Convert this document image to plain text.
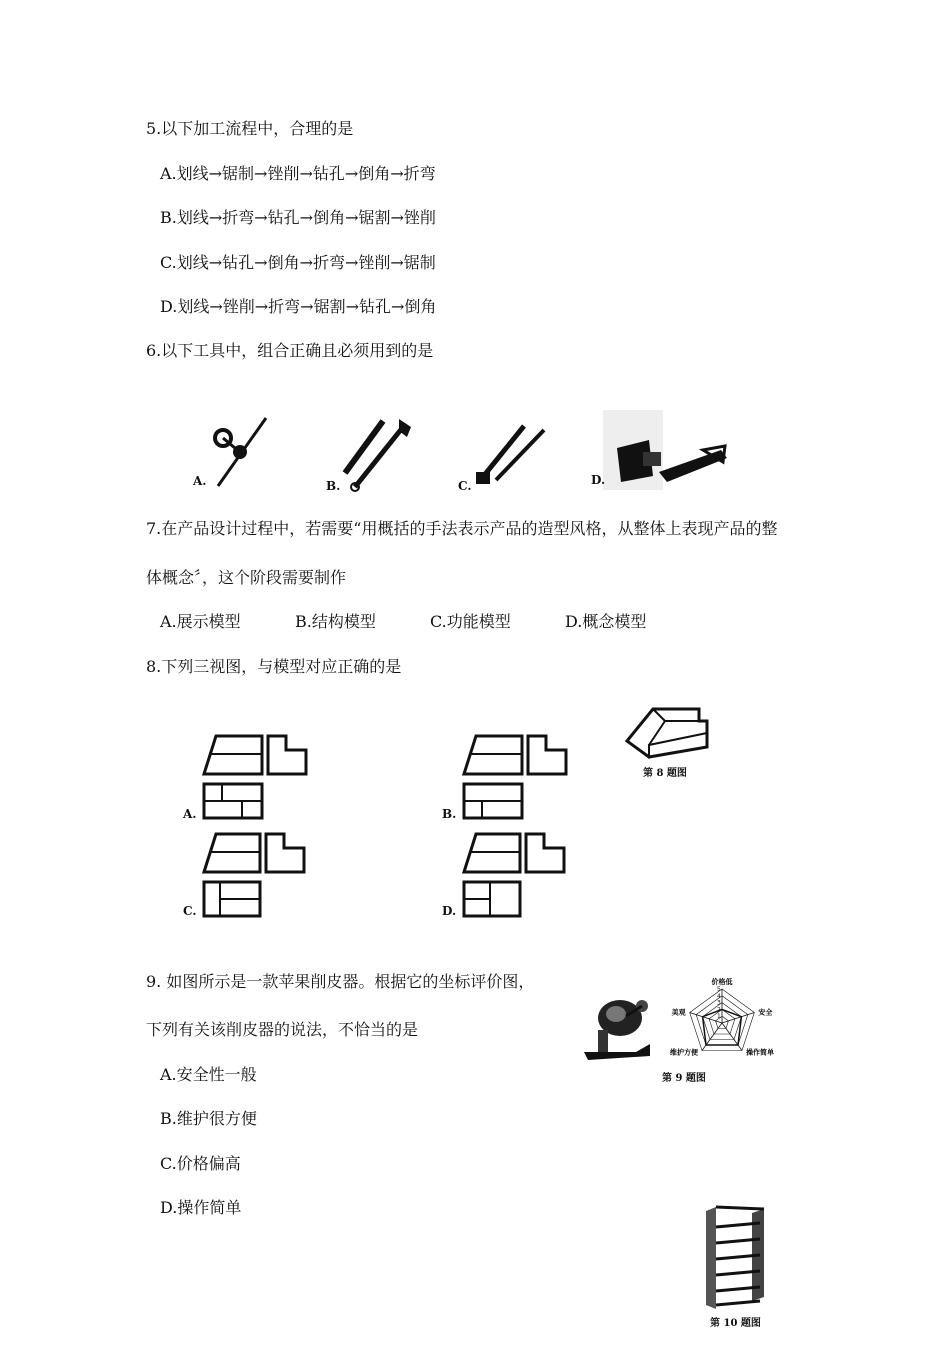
5.以下加工流程中，合理的是
A.划线→锯制→锉削→钻孔→倒角→折弯
B.划线→折弯→钻孔→倒角→锯割→锉削
C.划线→钻孔→倒角→折弯→锉削→锯制
D.划线→锉削→折弯→锯割→钻孔→倒角
6.以下工具中，组合正确且必须用到的是
A.	B.	C.	D.
7.在产品设计过程中，若需要“用概括的手法表示产品的造型风格，从整体上表现产品的整
体概念〞，这个阶段需要制作
A.展示模型	B.结构模型	C.功能模型	D.概念模型
8.下列三视图，与模型对应正确的是
A.	B.
C.	D.
第 8 题图
9. 如图所示是一款苹果削皮器。根据它的坐标评价图，
下列有关该削皮器的说法，不恰当的是
A.安全性一般
B.维护很方便
C.价格偏高
D.操作简单
5
4
3
2
1
价格低
安全
操作简单
维护方便
美观
第 9 题图
第 10 题图
